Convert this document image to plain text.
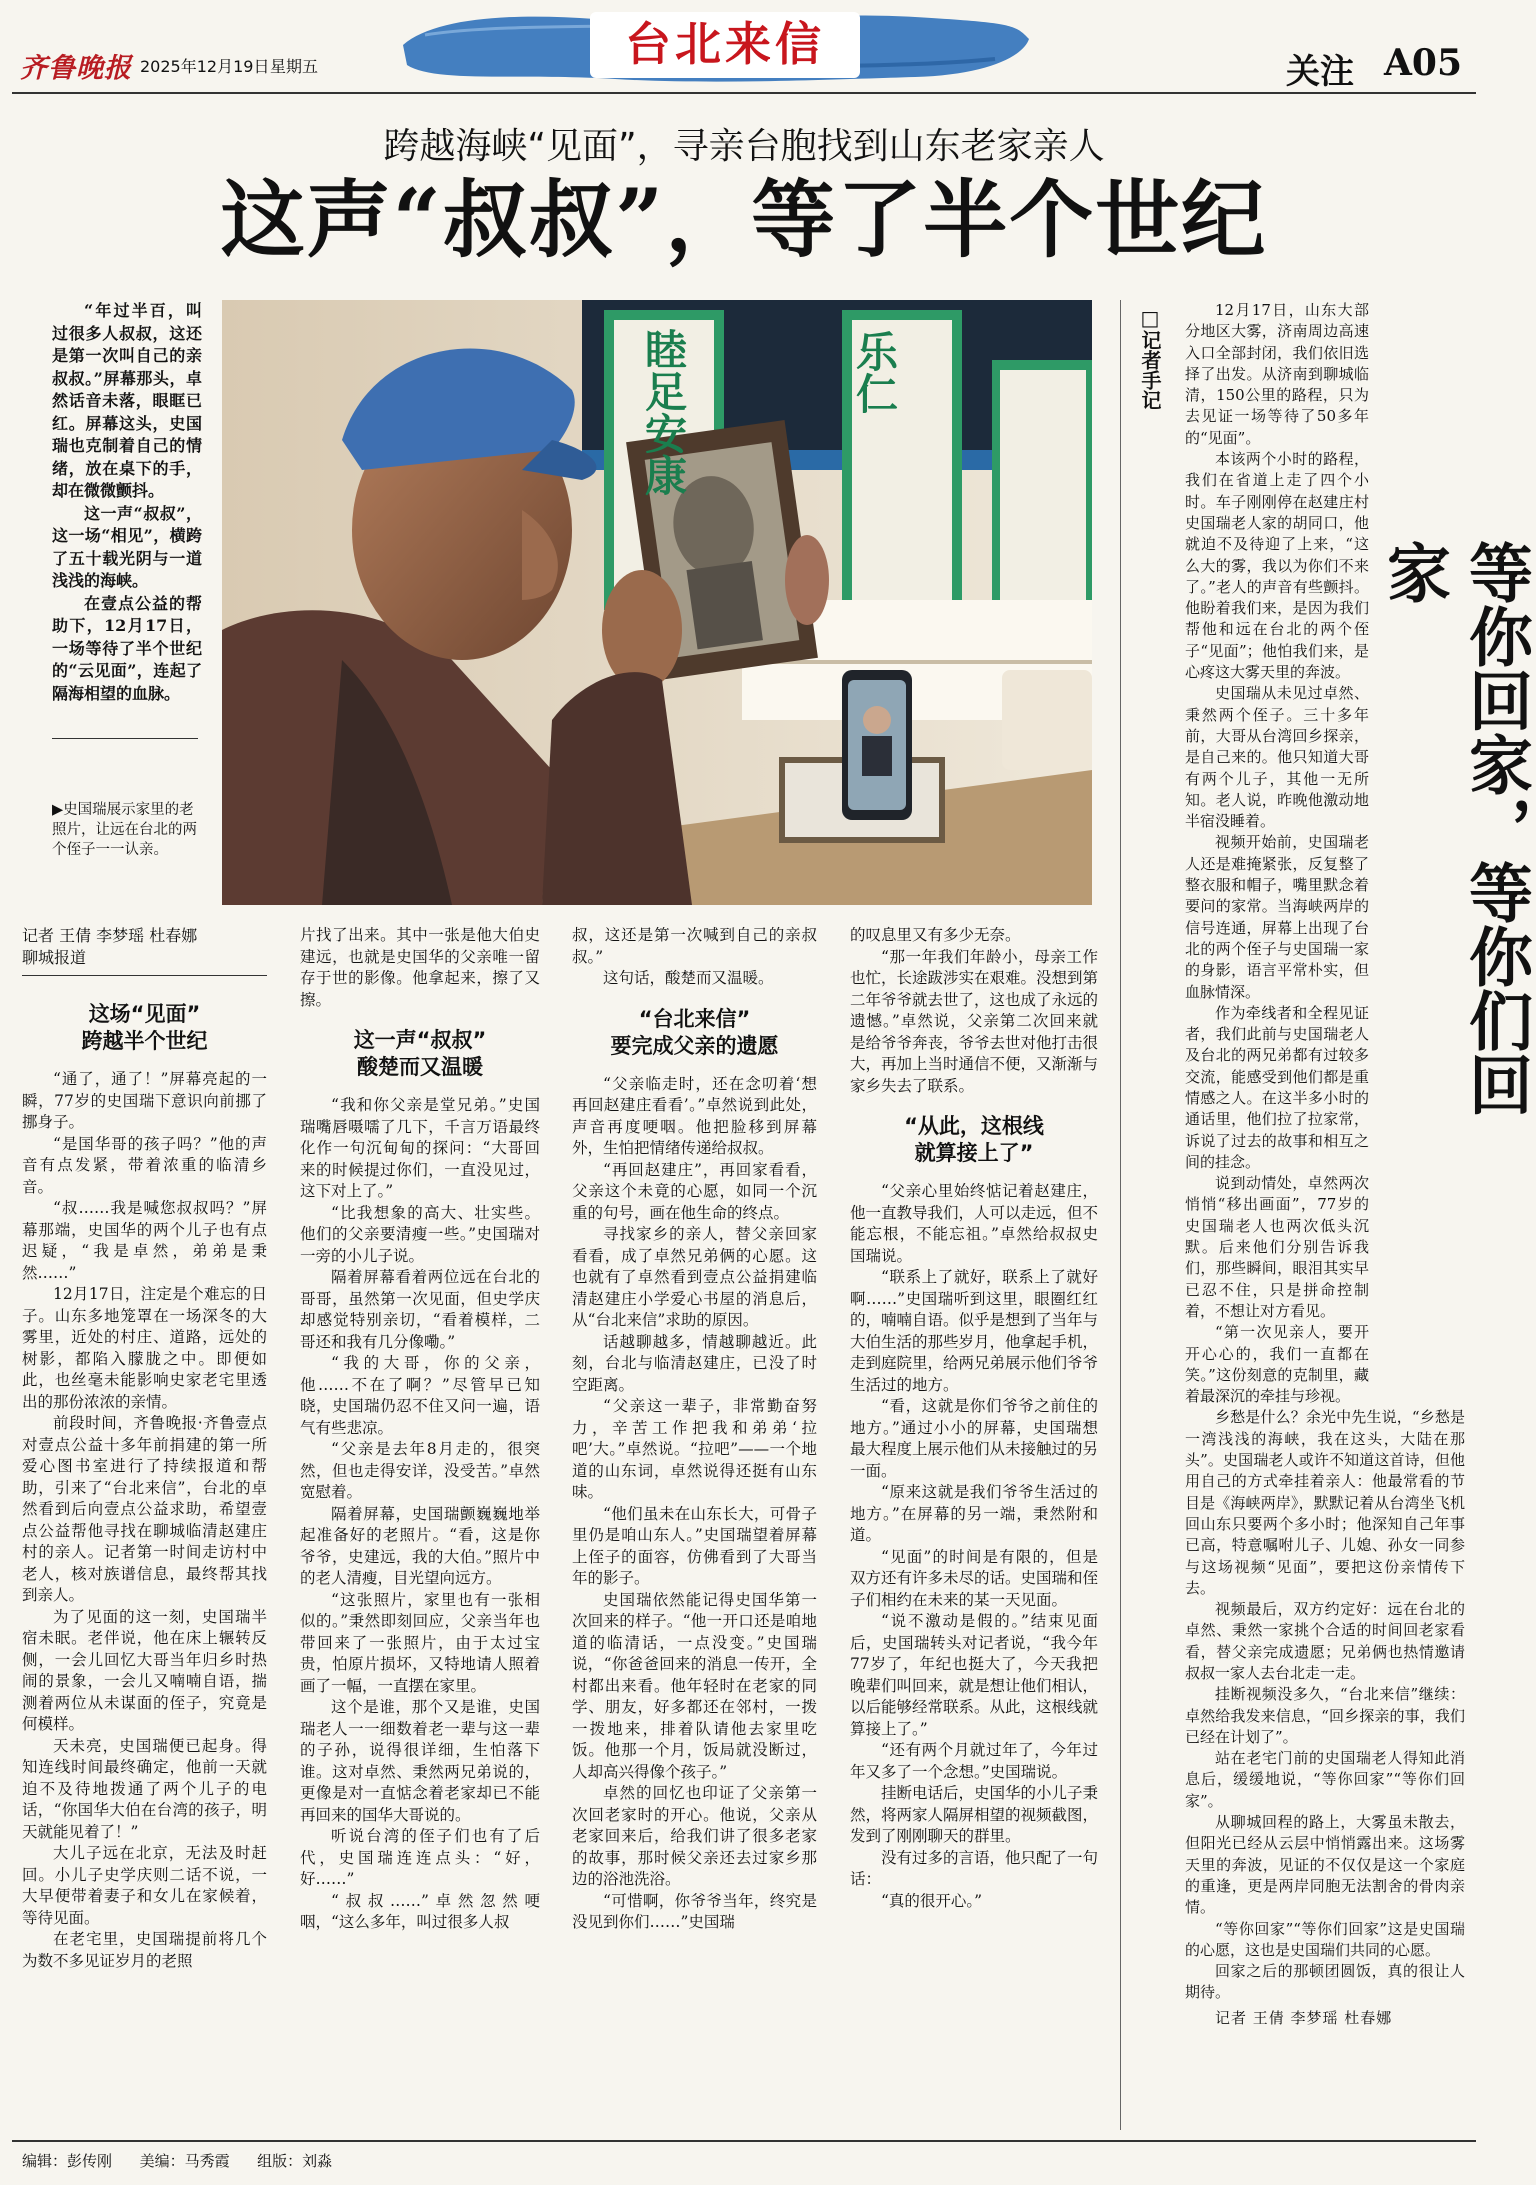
齐鲁晚报 2025年12月19日 星期五	台北来信
关注 A05
跨越海峡“见面”，寻亲台胞找到山东老家亲人
这声“叔叔”，等了半个世纪

“年过半百，叫过很多人叔叔，这还是第一次叫自己的亲叔叔。”屏幕那头，卓然话音未落，眼眶已红。屏幕这头，史国瑞也克制着自己的情绪，放在桌下的手，却在微微颤抖。

这一声“叔叔”，这一场“相见”，横跨了五十载光阴与一道浅浅的海峡。

在壹点公益的帮助下，12月17日，一场等待了半个世纪的“云见面”，连起了隔海相望的血脉。

▶史国瑞展示家里的老照片，让远在台北的两个侄子一一认亲。
睦足安康	乐仁	□记者手记
等你回家，等你们回家

12月17日，山东大部分地区大雾，济南周边高速入口全部封闭，我们依旧选择了出发。从济南到聊城临清，150公里的路程，只为去见证一场等待了50多年的“见面”。

本该两个小时的路程，我们在省道上走了四个小时。车子刚刚停在赵建庄村史国瑞老人家的胡同口，他就迫不及待迎了上来，“这么大的雾，我以为你们不来了。”老人的声音有些颤抖。他盼着我们来，是因为我们帮他和远在台北的两个侄子“见面”；他怕我们来，是心疼这大雾天里的奔波。

史国瑞从未见过卓然、秉然两个侄子。三十多年前，大哥从台湾回乡探亲，是自己来的。他只知道大哥有两个儿子，其他一无所知。老人说，昨晚他激动地半宿没睡着。

视频开始前，史国瑞老人还是难掩紧张，反复整了整衣服和帽子，嘴里默念着要问的家常。当海峡两岸的信号连通，屏幕上出现了台北的两个侄子与史国瑞一家的身影，语言平常朴实，但血脉情深。

作为牵线者和全程见证者，我们此前与史国瑞老人及台北的两兄弟都有过较多交流，能感受到他们都是重情感之人。在这半多小时的通话里，他们拉了拉家常，诉说了过去的故事和相互之间的挂念。

说到动情处，卓然两次悄悄“移出画面”，77岁的史国瑞老人也两次低头沉默。后来他们分别告诉我们，那些瞬间，眼泪其实早已忍不住，只是拼命控制着，不想让对方看见。

“第一次见亲人，要开开心心的，我们一直都在笑。”这份刻意的克制里，藏着最深沉的牵挂与珍视。

乡愁是什么？余光中先生说，“乡愁是一湾浅浅的海峡，我在这头，大陆在那头”。史国瑞老人或许不知道这首诗，但他用自己的方式牵挂着亲人：他最常看的节目是《海峡两岸》，默默记着从台湾坐飞机回山东只要两个多小时；他深知自己年事已高，特意嘱咐儿子、儿媳、孙女一同参与这场视频“见面”，要把这份亲情传下去。

视频最后，双方约定好：远在台北的卓然、秉然一家挑个合适的时间回老家看看，替父亲完成遗愿；兄弟俩也热情邀请叔叔一家人去台北走一走。

挂断视频没多久，“台北来信”继续：卓然给我发来信息，“回乡探亲的事，我们已经在计划了”。

站在老宅门前的史国瑞老人得知此消息后，缓缓地说，“等你回家”“等你们回家”。

从聊城回程的路上，大雾虽未散去，但阳光已经从云层中悄悄露出来。这场雾天里的奔波，见证的不仅仅是这一个家庭的重逢，更是两岸同胞无法割舍的骨肉亲情。

“等你回家”“等你们回家”这是史国瑞的心愿，这也是史国瑞们共同的心愿。

回家之后的那顿团圆饭，真的很让人期待。

记者 王倩 李梦瑶 杜春娜

记者 王倩 李梦瑶 杜春娜
聊城报道

这场“见面”
跨越半个世纪

“通了，通了！”屏幕亮起的一瞬，77岁的史国瑞下意识向前挪了挪身子。

“是国华哥的孩子吗？”他的声音有点发紧，带着浓重的临清乡音。

“叔……我是喊您叔叔吗？”屏幕那端，史国华的两个儿子也有点迟疑，“我是卓然，弟弟是秉然……”

12月17日，注定是个难忘的日子。山东多地笼罩在一场深冬的大雾里，近处的村庄、道路，远处的树影，都陷入朦胧之中。即便如此，也丝毫未能影响史家老宅里透出的那份浓浓的亲情。

前段时间，齐鲁晚报·齐鲁壹点对壹点公益十多年前捐建的第一所爱心图书室进行了持续报道和帮助，引来了“台北来信”，台北的卓然看到后向壹点公益求助，希望壹点公益帮他寻找在聊城临清赵建庄村的亲人。记者第一时间走访村中老人，核对族谱信息，最终帮其找到亲人。

为了见面的这一刻，史国瑞半宿未眠。老伴说，他在床上辗转反侧，一会儿回忆大哥当年归乡时热闹的景象，一会儿又喃喃自语，揣测着两位从未谋面的侄子，究竟是何模样。

天未亮，史国瑞便已起身。得知连线时间最终确定，他前一天就迫不及待地拨通了两个儿子的电话，“你国华大伯在台湾的孩子，明天就能见着了！”

大儿子远在北京，无法及时赶回。小儿子史学庆则二话不说，一大早便带着妻子和女儿在家候着，等待见面。

在老宅里，史国瑞提前将几个为数不多见证岁月的老照

片找了出来。其中一张是他大伯史建远，也就是史国华的父亲唯一留存于世的影像。他拿起来，擦了又擦。

这一声“叔叔”
酸楚而又温暖

“我和你父亲是堂兄弟。”史国瑞嘴唇嗫嚅了几下，千言万语最终化作一句沉甸甸的探问：“大哥回来的时候提过你们，一直没见过，这下对上了。”

“比我想象的高大、壮实些。他们的父亲要清瘦一些。”史国瑞对一旁的小儿子说。

隔着屏幕看着两位远在台北的哥哥，虽然第一次见面，但史学庆却感觉特别亲切，“看着模样，二哥还和我有几分像嘞。”

“我的大哥，你的父亲，他……不在了啊？”尽管早已知晓，史国瑞仍忍不住又问一遍，语气有些悲凉。

“父亲是去年8月走的，很突然，但也走得安详，没受苦。”卓然宽慰着。

隔着屏幕，史国瑞颤巍巍地举起准备好的老照片。“看，这是你爷爷，史建远，我的大伯。”照片中的老人清瘦，目光望向远方。

“这张照片，家里也有一张相似的。”秉然即刻回应，父亲当年也带回来了一张照片，由于太过宝贵，怕原片损坏，又特地请人照着画了一幅，一直摆在家里。

这个是谁，那个又是谁，史国瑞老人一一细数着老一辈与这一辈的子孙，说得很详细，生怕落下谁。这对卓然、秉然两兄弟说的，更像是对一直惦念着老家却已不能再回来的国华大哥说的。

听说台湾的侄子们也有了后代，史国瑞连连点头：“好，好……”

“叔叔……”卓然忽然哽咽，“这么多年，叫过很多人叔

叔，这还是第一次喊到自己的亲叔叔。”

这句话，酸楚而又温暖。

“台北来信”
要完成父亲的遗愿

“父亲临走时，还在念叨着‘想再回赵建庄看看’。”卓然说到此处，声音再度哽咽。他把脸移到屏幕外，生怕把情绪传递给叔叔。

“再回赵建庄”，再回家看看，父亲这个未竟的心愿，如同一个沉重的句号，画在他生命的终点。

寻找家乡的亲人，替父亲回家看看，成了卓然兄弟俩的心愿。这也就有了卓然看到壹点公益捐建临清赵建庄小学爱心书屋的消息后，从“台北来信”求助的原因。

话越聊越多，情越聊越近。此刻，台北与临清赵建庄，已没了时空距离。

“父亲这一辈子，非常勤奋努力，辛苦工作把我和弟弟‘拉吧’大。”卓然说。“拉吧”——一个地道的山东词，卓然说得还挺有山东味。

“他们虽未在山东长大，可骨子里仍是咱山东人。”史国瑞望着屏幕上侄子的面容，仿佛看到了大哥当年的影子。

史国瑞依然能记得史国华第一次回来的样子。“他一开口还是咱地道的临清话，一点没变。”史国瑞说，“你爸爸回来的消息一传开，全村都出来看。他年轻时在老家的同学、朋友，好多都还在邻村，一拨一拨地来，排着队请他去家里吃饭。他那一个月，饭局就没断过，人却高兴得像个孩子。”

卓然的回忆也印证了父亲第一次回老家时的开心。他说，父亲从老家回来后，给我们讲了很多老家的故事，那时候父亲还去过家乡那边的浴池洗浴。

“可惜啊，你爷爷当年，终究是没见到你们……”史国瑞

的叹息里又有多少无奈。

“那一年我们年龄小，母亲工作也忙，长途跋涉实在艰难。没想到第二年爷爷就去世了，这也成了永远的遗憾。”卓然说，父亲第二次回来就是给爷爷奔丧，爷爷去世对他打击很大，再加上当时通信不便，又渐渐与家乡失去了联系。

“从此，这根线
就算接上了”

“父亲心里始终惦记着赵建庄，他一直教导我们，人可以走远，但不能忘根，不能忘祖。”卓然给叔叔史国瑞说。

“联系上了就好，联系上了就好啊……”史国瑞听到这里，眼圈红红的，喃喃自语。似乎是想到了当年与大伯生活的那些岁月，他拿起手机，走到庭院里，给两兄弟展示他们爷爷生活过的地方。

“看，这就是你们爷爷之前住的地方。”通过小小的屏幕，史国瑞想最大程度上展示他们从未接触过的另一面。

“原来这就是我们爷爷生活过的地方。”在屏幕的另一端，秉然附和道。

“见面”的时间是有限的，但是双方还有许多未尽的话。史国瑞和侄子们相约在未来的某一天见面。

“说不激动是假的。”结束见面后，史国瑞转头对记者说，“我今年77岁了，年纪也挺大了，今天我把晚辈们叫回来，就是想让他们相认，以后能够经常联系。从此，这根线就算接上了。”

“还有两个月就过年了，今年过年又多了一个念想。”史国瑞说。

挂断电话后，史国华的小儿子秉然，将两家人隔屏相望的视频截图，发到了刚刚聊天的群里。

没有过多的言语，他只配了一句话：

“真的很开心。”

编辑：彭传刚 美编：马秀霞 组版：刘淼
